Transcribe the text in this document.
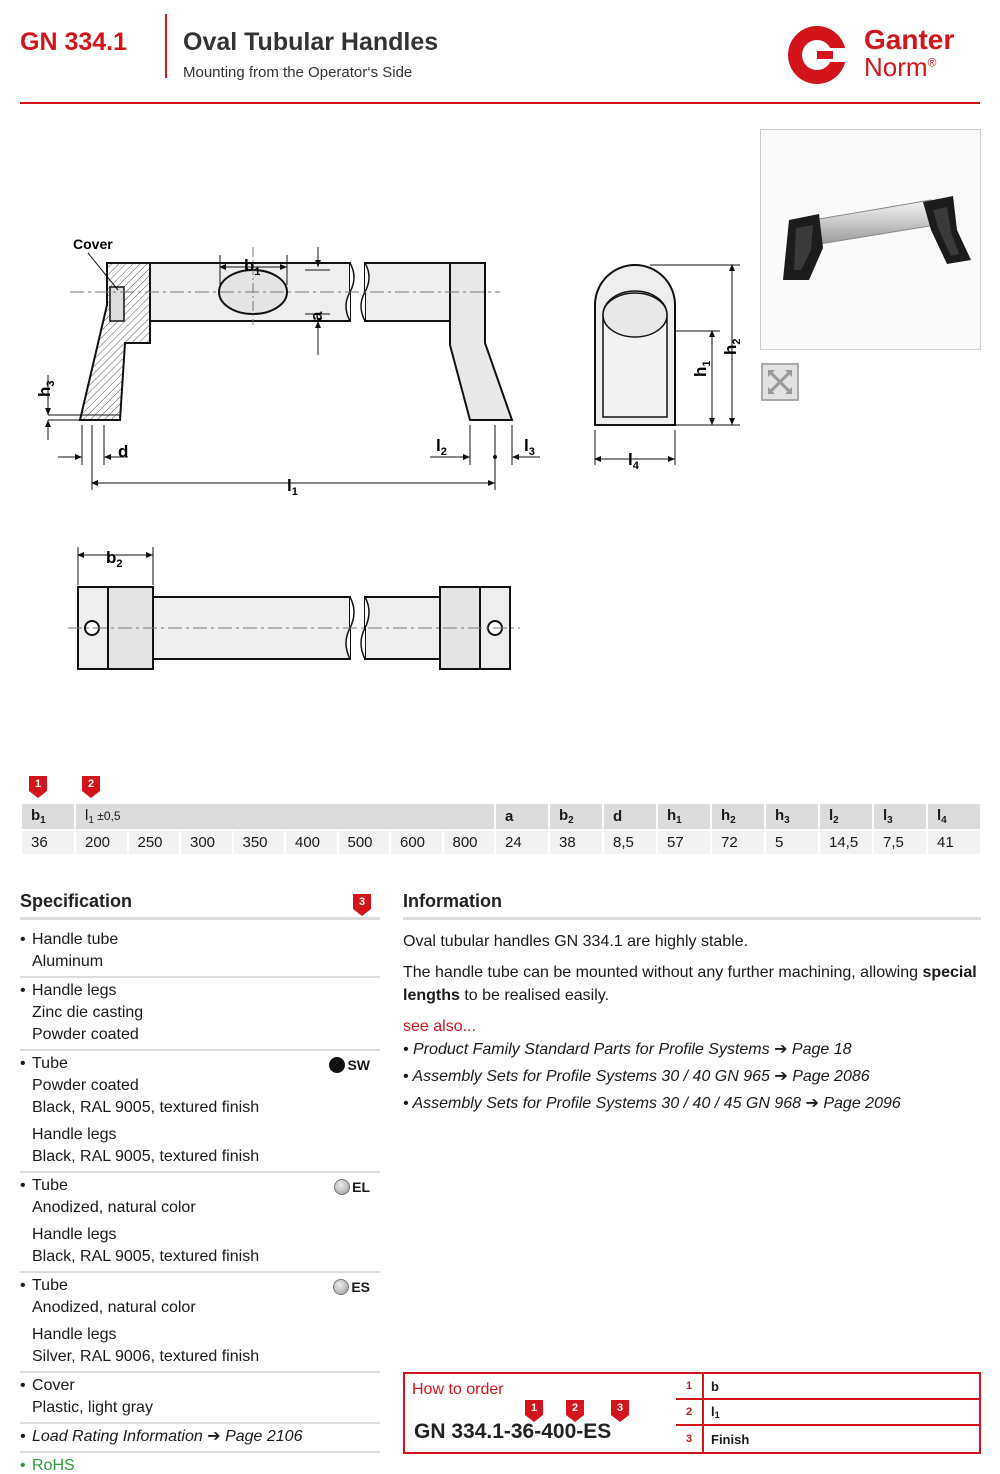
GN 334.1 Oval Tubular Handles
Mounting from the Operator‘s Side
Ganter
Norm®
Cover
$b_1$
a
$h_3$
d
$l_1$
$l_2$	$l_3$
$h_1$
$h_2$
$l_4$
$b_2$
1	2
3
$b_1$	$l_1 \pm 0,5$								a	$b_2$	d	$h_1$	$h_2$	$h_3$	$l_2$	$l_3$	$l_4$
36	200	250	300	350	400	500	600	800	24	38	8,5	57	72	5	14,5	7,5	41
Specification
• Handle tube
Aluminum
• Handle legs
Zinc die casting
Powder coated
SW
• Tube
Powder coated
Black, RAL 9005, textured finish
Handle legs
Black, RAL 9005, textured finish
EL
• Tube
Anodized, natural color
Handle legs
Black, RAL 9005, textured finish
ES
• Tube
Anodized, natural color
Handle legs
Silver, RAL 9006, textured finish
• Cover
Plastic, light gray
• Load Rating Information ➔ Page 2106
• RoHS
Information

Oval tubular handles GN 334.1 are highly stable.

The handle tube can be mounted without any further machining, allowing special lengths to be realised easily.

see also...
• Product Family Standard Parts for Profile Systems ➔ Page 18
• Assembly Sets for Profile Systems 30 / 40 GN 965 ➔ Page 2086
• Assembly Sets for Profile Systems 30 / 40 / 45 GN 968 ➔ Page 2096
How to order
1	2	3
GN 334.1-36-400-ES
1	b
2	l1
3	Finish
